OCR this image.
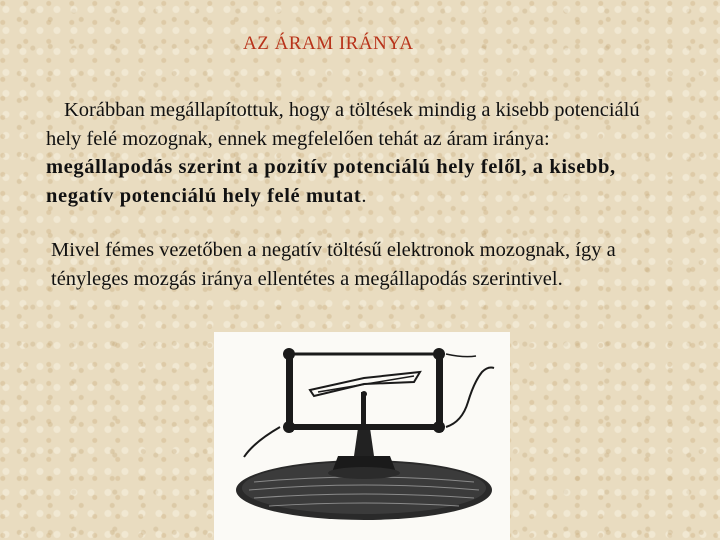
AZ ÁRAM IRÁNYA

Korábban megállapítottuk, hogy a töltések mindig a kisebb potenciálú hely felé mozognak, ennek megfelelően tehát az áram iránya: megállapodás szerint a pozitív potenciálú hely felől, a kisebb, negatív potenciálú hely felé mutat.

Mivel fémes vezetőben a negatív töltésű elektronok mozognak, így a tényleges mozgás iránya ellentétes a megállapodás szerintivel.
